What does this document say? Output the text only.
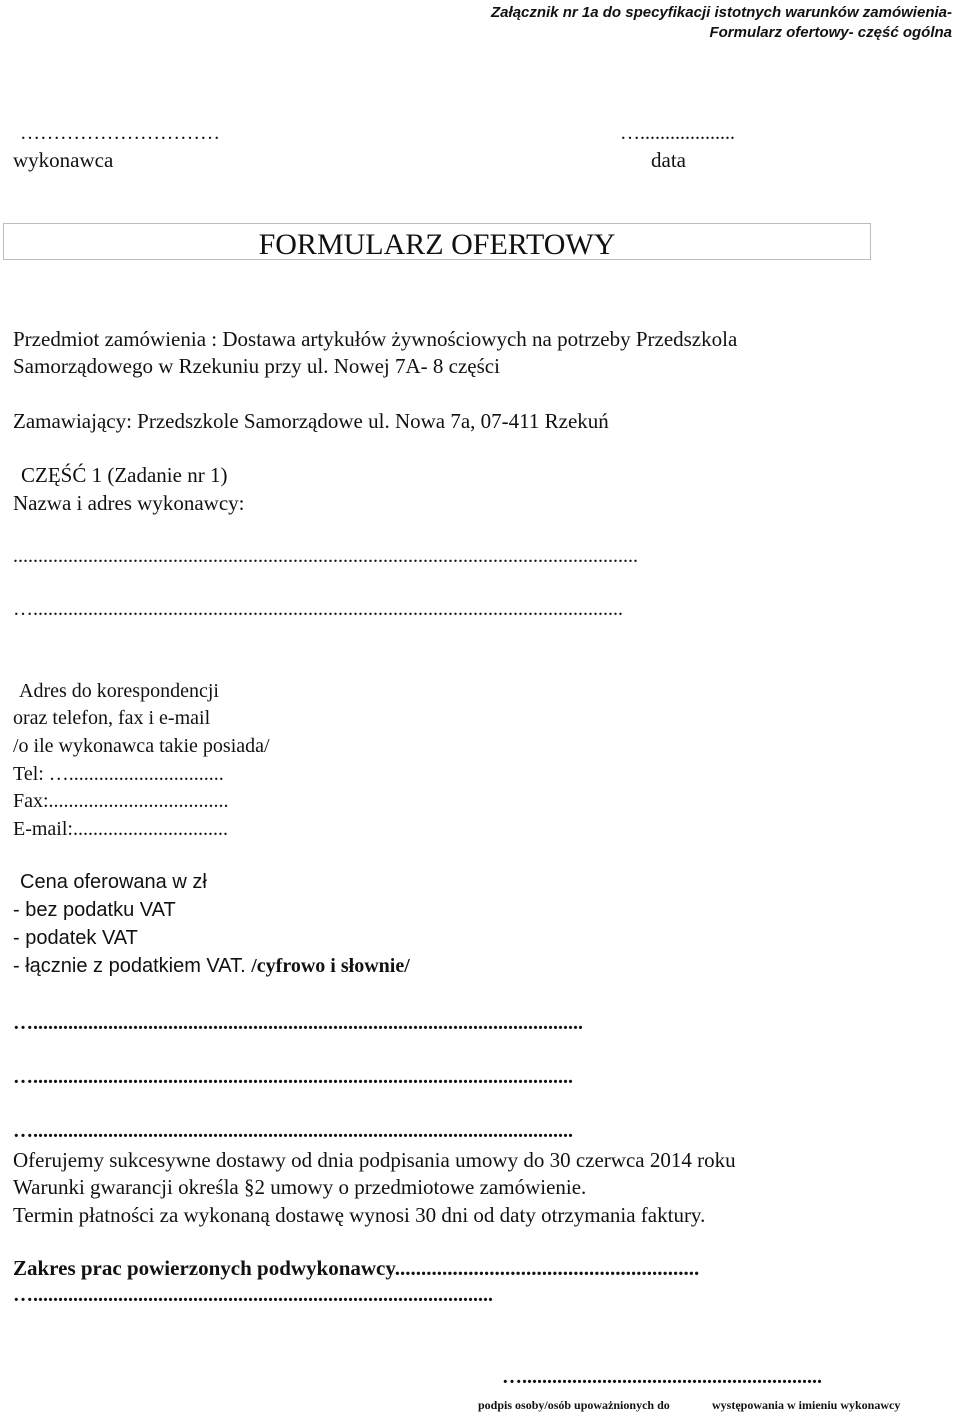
Załącznik nr 1a do specyfikacji istotnych warunków zamówienia-
Formularz ofertowy- część ogólna
…………………………
wykonawca
…...................
data
FORMULARZ OFERTOWY
Przedmiot zamówienia : Dostawa artykułów żywnościowych na potrzeby Przedszkola
Samorządowego w Rzekuniu przy ul. Nowej 7A- 8 części
Zamawiający: Przedszkole Samorządowe ul. Nowa 7a, 07-411 Rzekuń
CZĘŚĆ 1 (Zadanie nr 1)
Nazwa i adres wykonawcy:
.............................................................................................................................
…......................................................................................................................
Adres do korespondencji
oraz telefon, fax i e-mail
/o ile wykonawca takie posiada/
Tel: …...............................
Fax:....................................
E-mail:...............................
Cena oferowana w zł
- bez podatku VAT
- podatek VAT
- łącznie z podatkiem VAT. /cyfrowo i słownie/
…..............................................................................................................
…............................................................................................................
…............................................................................................................
Oferujemy sukcesywne dostawy od dnia podpisania umowy do 30 czerwca 2014 roku
Warunki gwarancji określa §2 umowy o przedmiotowe zamówienie.
Termin płatności za wykonaną dostawę wynosi 30 dni od daty otrzymania faktury.
Zakres prac powierzonych podwykonawcy..........................................................
…............................................................................................
…............................................................
podpis osoby/osób upoważnionych do	występowania w imieniu wykonawcy
